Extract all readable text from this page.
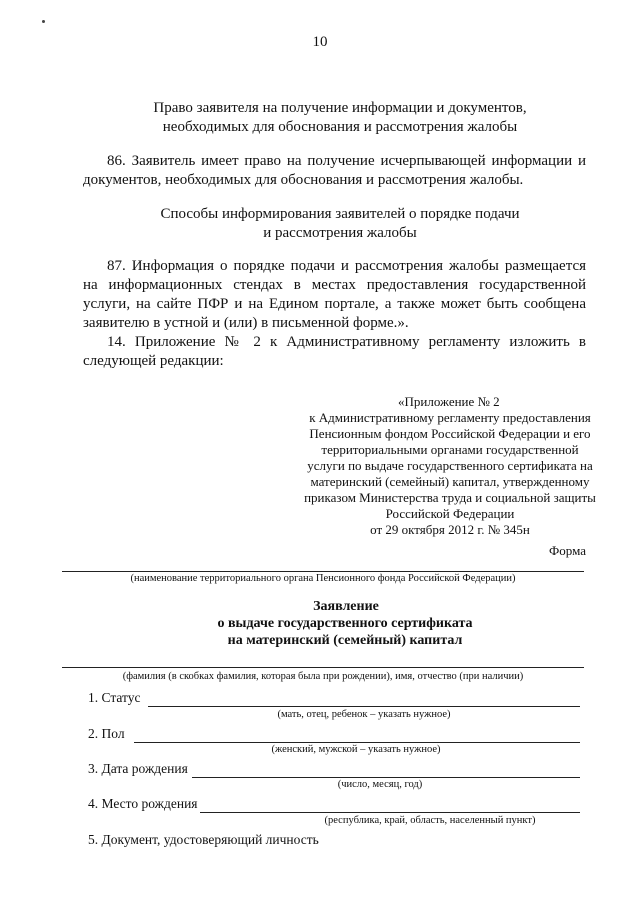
10
Право заявителя на получение информации и документов,
необходимых для обоснования и рассмотрения жалобы

86. Заявитель имеет право на получение исчерпывающей информации и документов, необходимых для обоснования и рассмотрения жалобы.

Способы информирования заявителей о порядке подачи
и рассмотрения жалобы

87. Информация о порядке подачи и рассмотрения жалобы размещается на информационных стендах в местах предоставления государственной услуги, на сайте ПФР и на Едином портале, а также может быть сообщена заявителю в устной и (или) в письменной форме.».

14. Приложение № 2 к Административному регламенту изложить в следующей редакции:

«Приложение № 2
к Административному регламенту предоставления
Пенсионным фондом Российской Федерации и его
территориальными органами государственной
услуги по выдаче государственного сертификата на
материнский (семейный) капитал, утвержденному
приказом Министерства труда и социальной защиты
Российской Федерации
от 29 октября 2012 г. № 345н
Форма
(наименование территориального органа Пенсионного фонда Российской Федерации)
Заявление
о выдаче государственного сертификата
на материнский (семейный) капитал
(фамилия (в скобках фамилия, которая была при рождении), имя, отчество (при наличии)
1. Статус
(мать, отец, ребенок – указать нужное)
2. Пол
(женский, мужской – указать нужное)
3. Дата рождения
(число, месяц, год)
4. Место рождения
(республика, край, область, населенный пункт)
5. Документ, удостоверяющий личность
